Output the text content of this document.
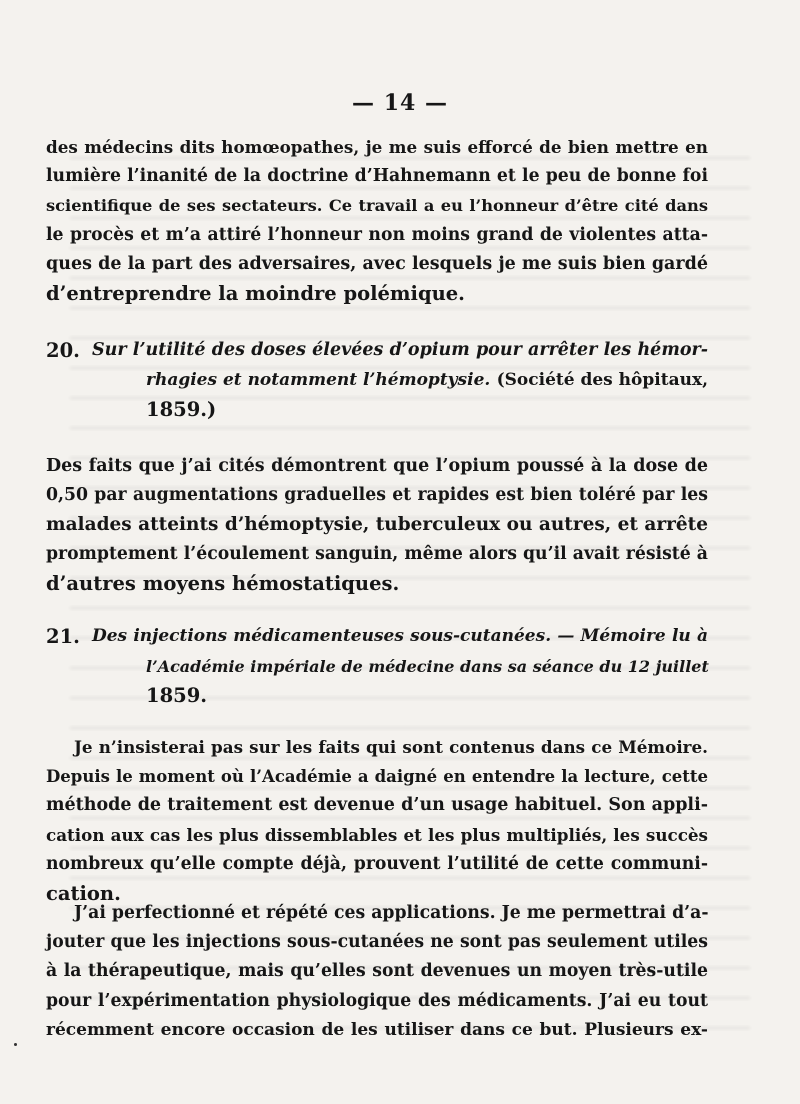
— 14 —
des médecins dits homœopathes, je me suis efforcé de bien mettre en
lumière l’inanité de la doctrine d’Hahnemann et le peu de bonne foi
scientifique de ses sectateurs. Ce travail a eu l’honneur d’être cité dans
le procès et m’a attiré l’honneur non moins grand de violentes atta-
ques de la part des adversaires, avec lesquels je me suis bien gardé
d’entreprendre la moindre polémique.
20. Sur l’utilité des doses élevées d’opium pour arrêter les hémor-
rhagies et notamment l’hémoptysie. (Société des hôpitaux,
1859.)
Des faits que j’ai cités démontrent que l’opium poussé à la dose de
0,50 par augmentations graduelles et rapides est bien toléré par les
malades atteints d’hémoptysie, tuberculeux ou autres, et arrête
promptement l’écoulement sanguin, même alors qu’il avait résisté à
d’autres moyens hémostatiques.
21. Des injections médicamenteuses sous-cutanées. — Mémoire lu à
l’Académie impériale de médecine dans sa séance du 12 juillet
1859.
Je n’insisterai pas sur les faits qui sont contenus dans ce Mémoire.
Depuis le moment où l’Académie a daigné en entendre la lecture, cette
méthode de traitement est devenue d’un usage habituel. Son appli-
cation aux cas les plus dissemblables et les plus multipliés, les succès
nombreux qu’elle compte déjà, prouvent l’utilité de cette communi-
cation.
J’ai perfectionné et répété ces applications. Je me permettrai d’a-
jouter que les injections sous-cutanées ne sont pas seulement utiles
à la thérapeutique, mais qu’elles sont devenues un moyen très-utile
pour l’expérimentation physiologique des médicaments. J’ai eu tout
récemment encore occasion de les utiliser dans ce but. Plusieurs ex-
